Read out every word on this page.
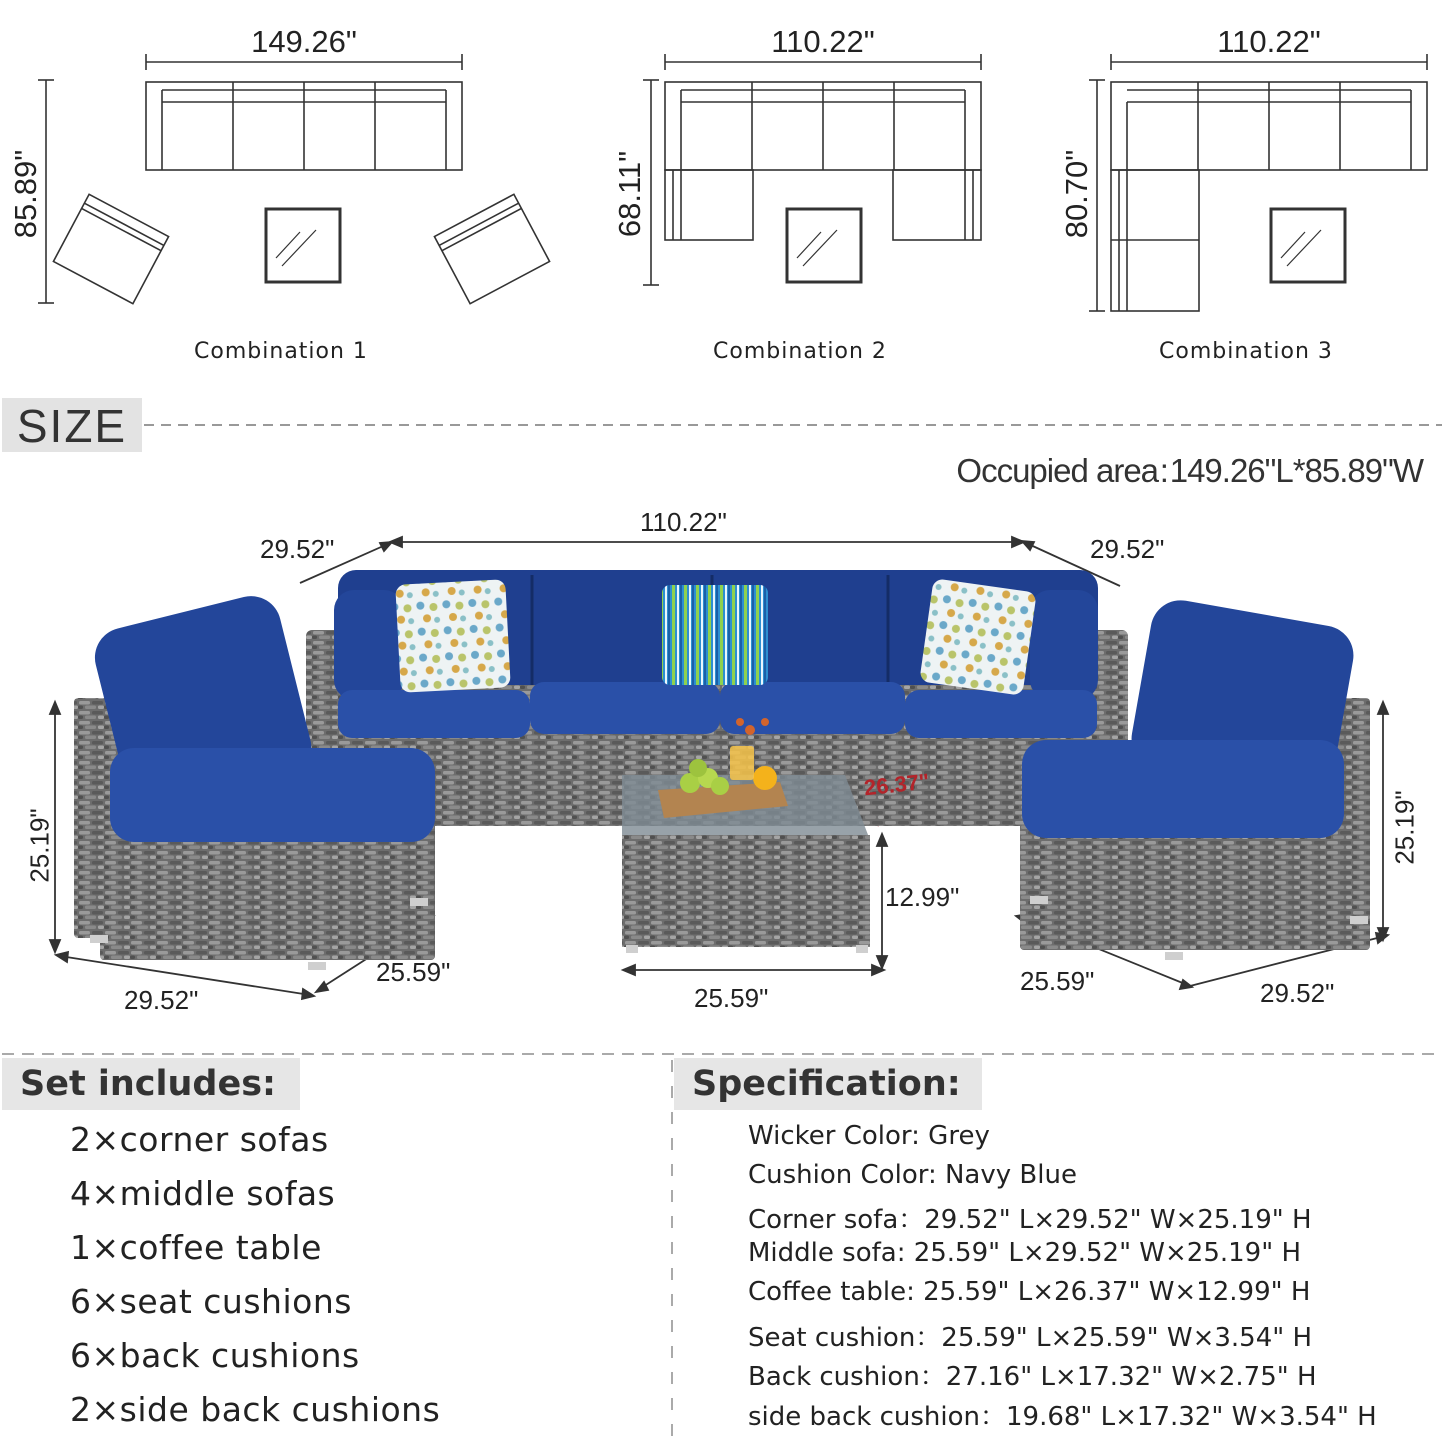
149.26"
85.89"
Combination 1
110.22"
68.11"
Combination 2
110.22"
80.70"
Combination 3
SIZE
Occupied area : 149.26"L*85.89"W
110.22"
29.52"	29.52"
25.19"	25.19"
29.52"
25.59"
25.59"
12.99"
26.37"
25.59"	29.52"
Set includes:
2×corner sofas
4×middle sofas
1×coffee table
6×seat cushions
6×back cushions
2×side back cushions
Specification:
Wicker Color: Grey
Cushion Color: Navy Blue
Corner sofa：29.52" L×29.52" W×25.19" H
Middle sofa: 25.59" L×29.52" W×25.19" H
Coffee table: 25.59" L×26.37" W×12.99" H
Seat cushion：25.59" L×25.59" W×3.54" H
Back cushion：27.16" L×17.32" W×2.75" H
side back cushion：19.68" L×17.32" W×3.54" H
